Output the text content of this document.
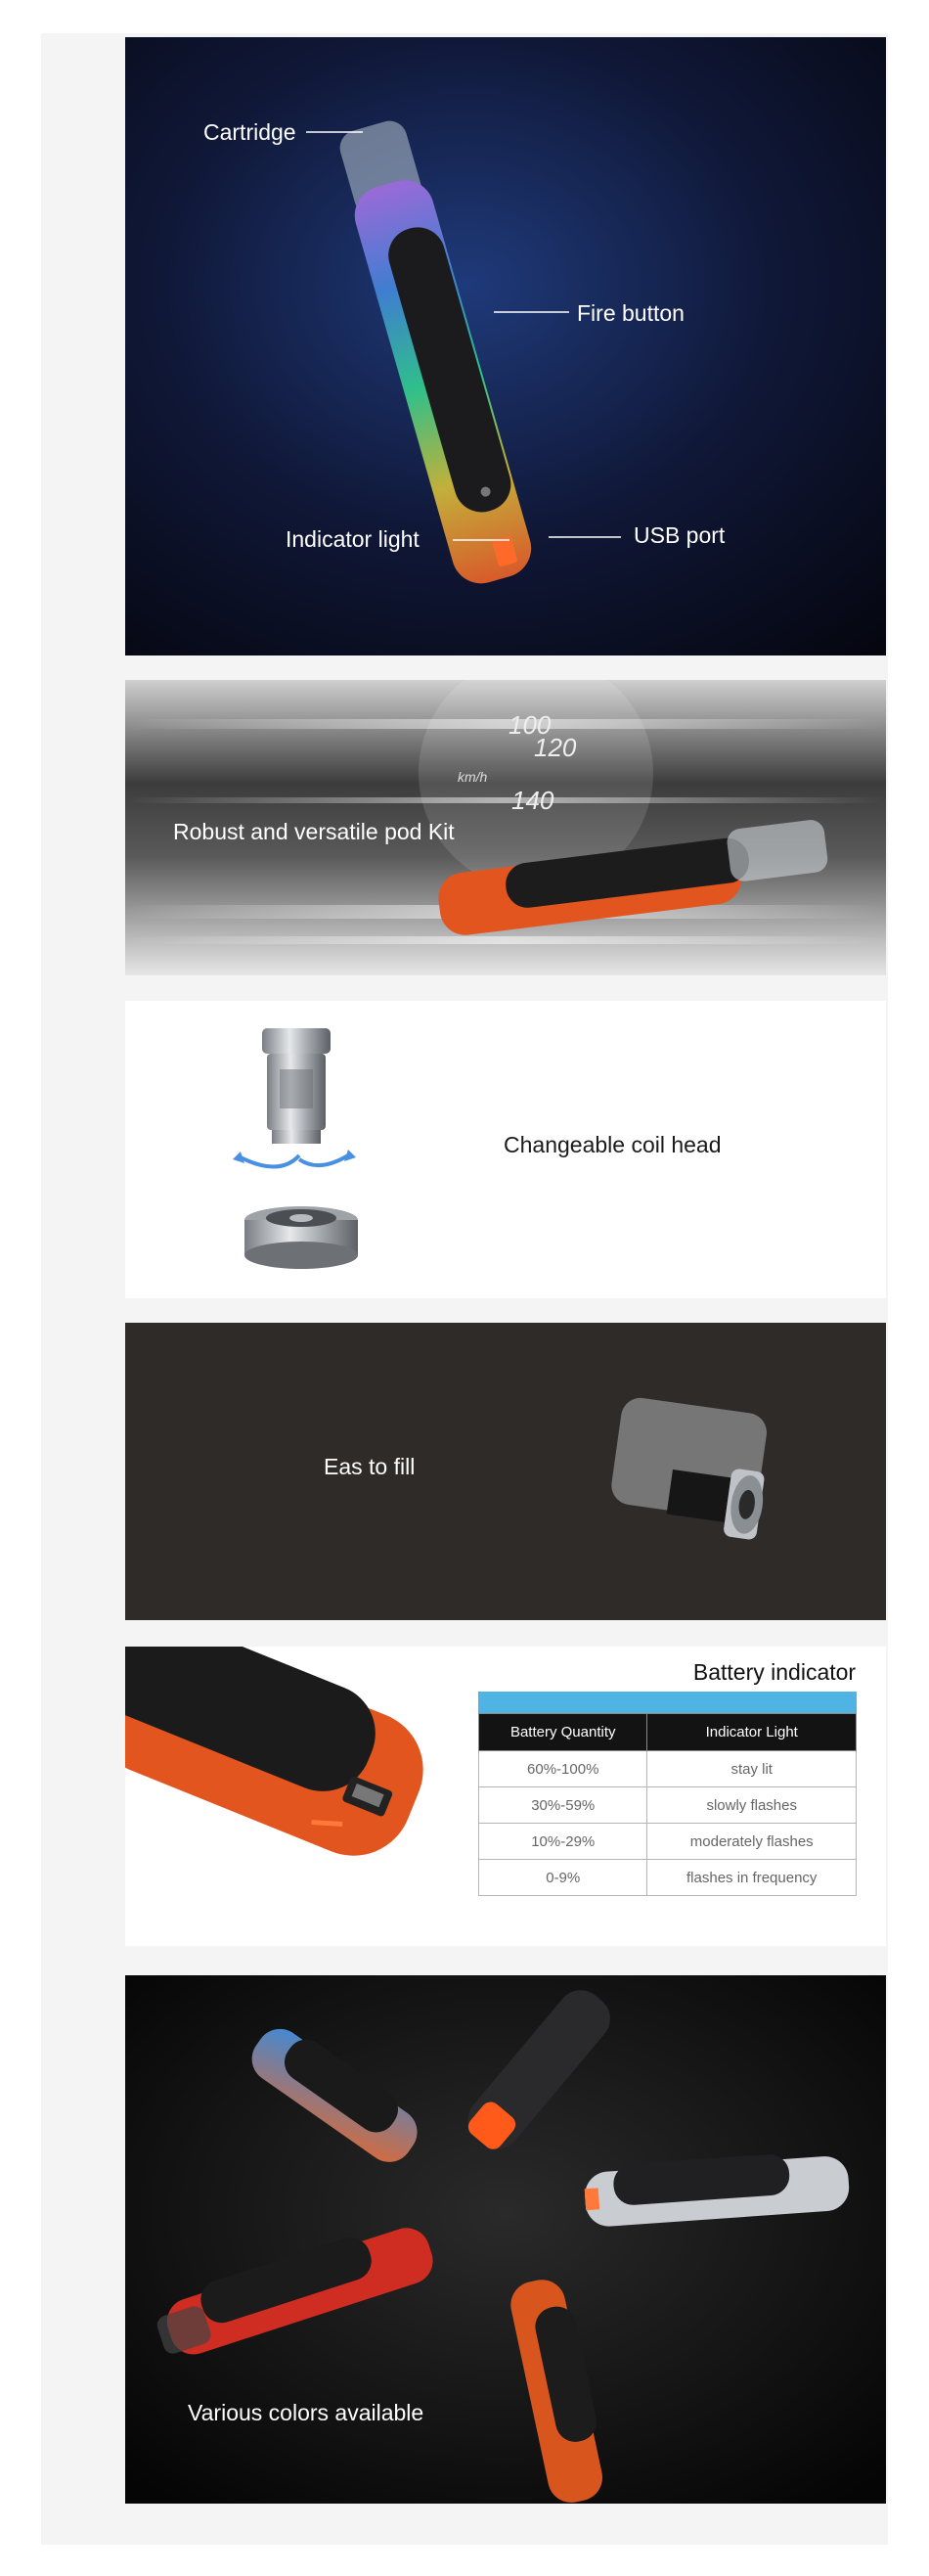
Cartridge
Fire button
Indicator light	USB port
100
120
140
km/h
Robust and versatile pod Kit
Changeable coil head
Eas to fill
Battery indicator
Battery Quantity	Indicator Light
60%-100%	stay lit
30%-59%	slowly flashes
10%-29%	moderately flashes
0-9%	flashes in frequency
Various colors available
